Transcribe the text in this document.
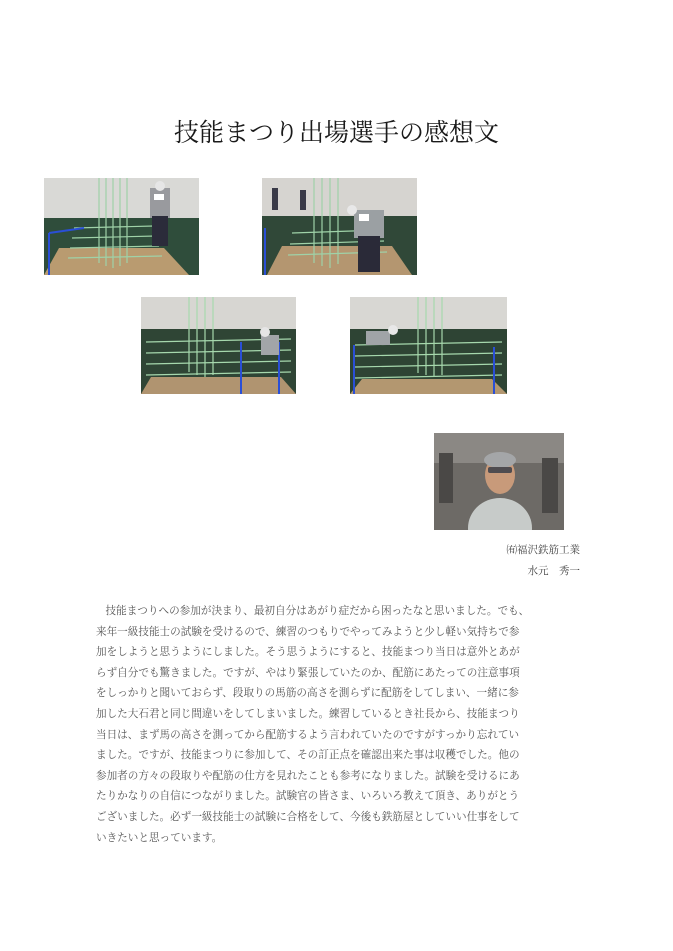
技能まつり出場選手の感想文
㈲福沢鉄筋工業
水元　秀一
技能まつりへの参加が決まり、最初自分はあがり症だから困ったなと思いました。でも、
来年一級技能士の試験を受けるので、練習のつもりでやってみようと少し軽い気持ちで参
加をしようと思うようにしました。そう思うようにすると、技能まつり当日は意外とあが
らず自分でも驚きました。ですが、やはり緊張していたのか、配筋にあたっての注意事項
をしっかりと聞いておらず、段取りの馬筋の高さを測らずに配筋をしてしまい、一緒に参
加した大石君と同じ間違いをしてしまいました。練習しているとき社長から、技能まつり
当日は、まず馬の高さを測ってから配筋するよう言われていたのですがすっかり忘れてい
ました。ですが、技能まつりに参加して、その訂正点を確認出来た事は収穫でした。他の
参加者の方々の段取りや配筋の仕方を見れたことも参考になりました。試験を受けるにあ
たりかなりの自信につながりました。試験官の皆さま、いろいろ教えて頂き、ありがとう
ございました。必ず一級技能士の試験に合格をして、今後も鉄筋屋としていい仕事をして
いきたいと思っています。
